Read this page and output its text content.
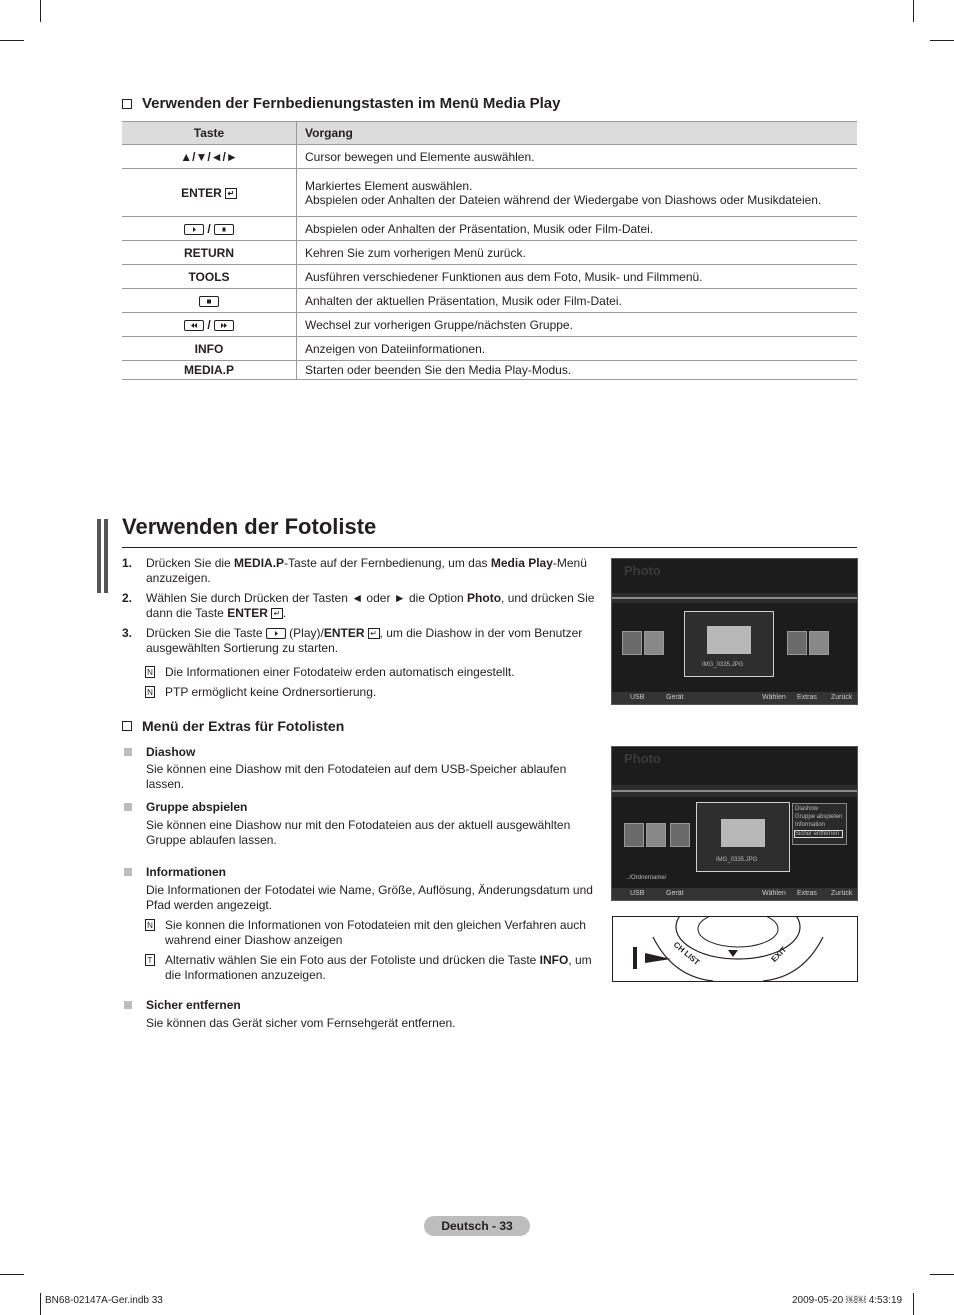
Verwenden der Fernbedienungstasten im Menü Media Play
Taste	Vorgang
▲/▼/◄/►	Cursor bewegen und Elemente auswählen.
ENTER ↵	Markiertes Element auswählen.
Abspielen oder Anhalten der Dateien während der Wiedergabe von Diashows oder Musikdateien.

/	Abspielen oder Anhalten der Präsentation, Musik oder Film-Datei.
RETURN	Kehren Sie zum vorherigen Menü zurück.
TOOLS	Ausführen verschiedener Funktionen aus dem Foto, Musik- und Filmmenü.

	Anhalten der aktuellen Präsentation, Musik oder Film-Datei.

/	Wechsel zur vorherigen Gruppe/nächsten Gruppe.
INFO	Anzeigen von Dateiinformationen.
MEDIA.P	Starten oder beenden Sie den Media Play-Modus.
Verwenden der Fotoliste
1. Drücken Sie die MEDIA.P-Taste auf der Fernbedienung, um das Media Play-Menü anzuzeigen.
2. Wählen Sie durch Drücken der Tasten ◄ oder ► die Option Photo, und drücken Sie dann die Taste ENTER ↵ .
3. Drücken Sie die Taste
(Play)/ENTER ↵ , um die Diashow in der vom Benutzer ausgewählten Sortierung zu starten.
N Die Informationen einer Fotodateiw erden automatisch eingestellt.
N PTP ermöglicht keine Ordnersortierung.
Menü der Extras für Fotolisten
Diashow
Sie können eine Diashow mit den Fotodateien auf dem USB-Speicher ablaufen lassen.
Gruppe abspielen
Sie können eine Diashow nur mit den Fotodateien aus der aktuell ausgewählten Gruppe ablaufen lassen.
Informationen
Die Informationen der Fotodatei wie Name, Größe, Auflösung, Änderungsdatum und Pfad werden angezeigt.
N Sie konnen die Informationen von Fotodateien mit den gleichen Verfahren auch wahrend einer Diashow anzeigen
T Alternativ wählen Sie ein Foto aus der Fotoliste und drücken die Taste INFO, um die Informationen anzuzeigen.
Sicher entfernen
Sie können das Gerät sicher vom Fernsehgerät entfernen.
Photo
IMG_0335.JPG
USB	Gerät	Wählen Extras Zurück
Photo
IMG_0335.JPG
Diashow
Gruppe abspielen
Information
Sicher entfernen
../Ordnername/
USB	Gerät	Wählen Extras Zurück
CH LIST	EXIT
Deutsch - 33
BN68-02147A-Ger.indb 33	2009-05-20 ￼￼ 4:53:19
